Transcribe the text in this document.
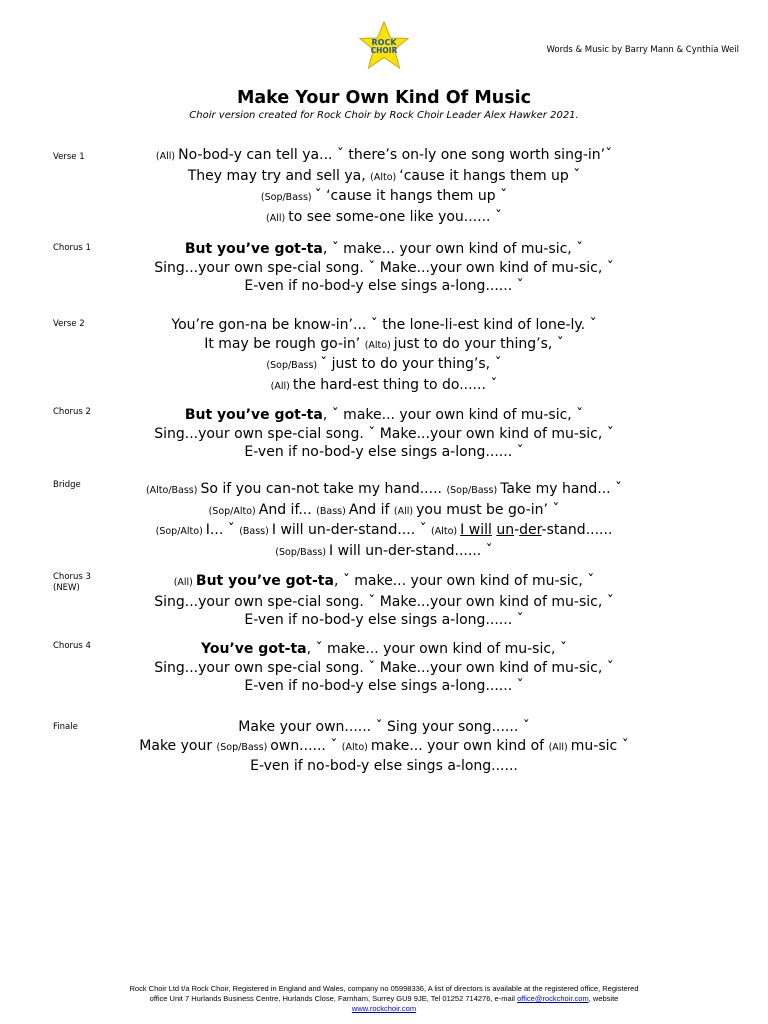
ROCK
CHOIR	Words & Music by Barry Mann & Cynthia Weil
Make Your Own Kind Of Music
Choir version created for Rock Choir by Rock Choir Leader Alex Hawker 2021.
Verse 1	(All) No-bod-y can tell ya... ˇ there’s on-ly one song worth sing-in’ˇ
They may try and sell ya, (Alto) ‘cause it hangs them up ˇ
(Sop/Bass) ˇ ‘cause it hangs them up ˇ
(All) to see some-one like you...... ˇ
Chorus 1	But you’ve got-ta, ˇ make... your own kind of mu-sic, ˇ
Sing...your own spe-cial song. ˇ Make...your own kind of mu-sic, ˇ
E-ven if no-bod-y else sings a-long...... ˇ
Verse 2	You’re gon-na be know-in’... ˇ the lone-li-est kind of lone-ly. ˇ
It may be rough go-in’ (Alto) just to do your thing’s, ˇ
(Sop/Bass) ˇ just to do your thing’s, ˇ
(All) the hard-est thing to do...... ˇ
Chorus 2	But you’ve got-ta, ˇ make... your own kind of mu-sic, ˇ
Sing...your own spe-cial song. ˇ Make...your own kind of mu-sic, ˇ
E-ven if no-bod-y else sings a-long...... ˇ
Bridge	(Alto/Bass) So if you can-not take my hand..... (Sop/Bass) Take my hand... ˇ
(Sop/Alto) And if... (Bass) And if (All) you must be go-in’ ˇ
(Sop/Alto) I... ˇ (Bass) I will un-der-stand.... ˇ (Alto) I will un-der-stand......
(Sop/Bass) I will un-der-stand...... ˇ
Chorus 3
(NEW)	(All) But you’ve got-ta, ˇ make... your own kind of mu-sic, ˇ
Sing...your own spe-cial song. ˇ Make...your own kind of mu-sic, ˇ
E-ven if no-bod-y else sings a-long...... ˇ
Chorus 4	You’ve got-ta, ˇ make... your own kind of mu-sic, ˇ
Sing...your own spe-cial song. ˇ Make...your own kind of mu-sic, ˇ
E-ven if no-bod-y else sings a-long...... ˇ
Finale	Make your own...... ˇ Sing your song...... ˇ
Make your (Sop/Bass) own...... ˇ (Alto) make... your own kind of (All) mu-sic ˇ
E-ven if no-bod-y else sings a-long......
Rock Choir Ltd t/a Rock Choir, Registered in England and Wales, company no 05998336, A list of directors is available at the registered office, Registered
office Unit 7 Hurlands Business Centre, Hurlands Close, Farnham, Surrey GU9 9JE, Tel 01252 714276, e-mail office@rockchoir.com, website
www.rockchoir.com
